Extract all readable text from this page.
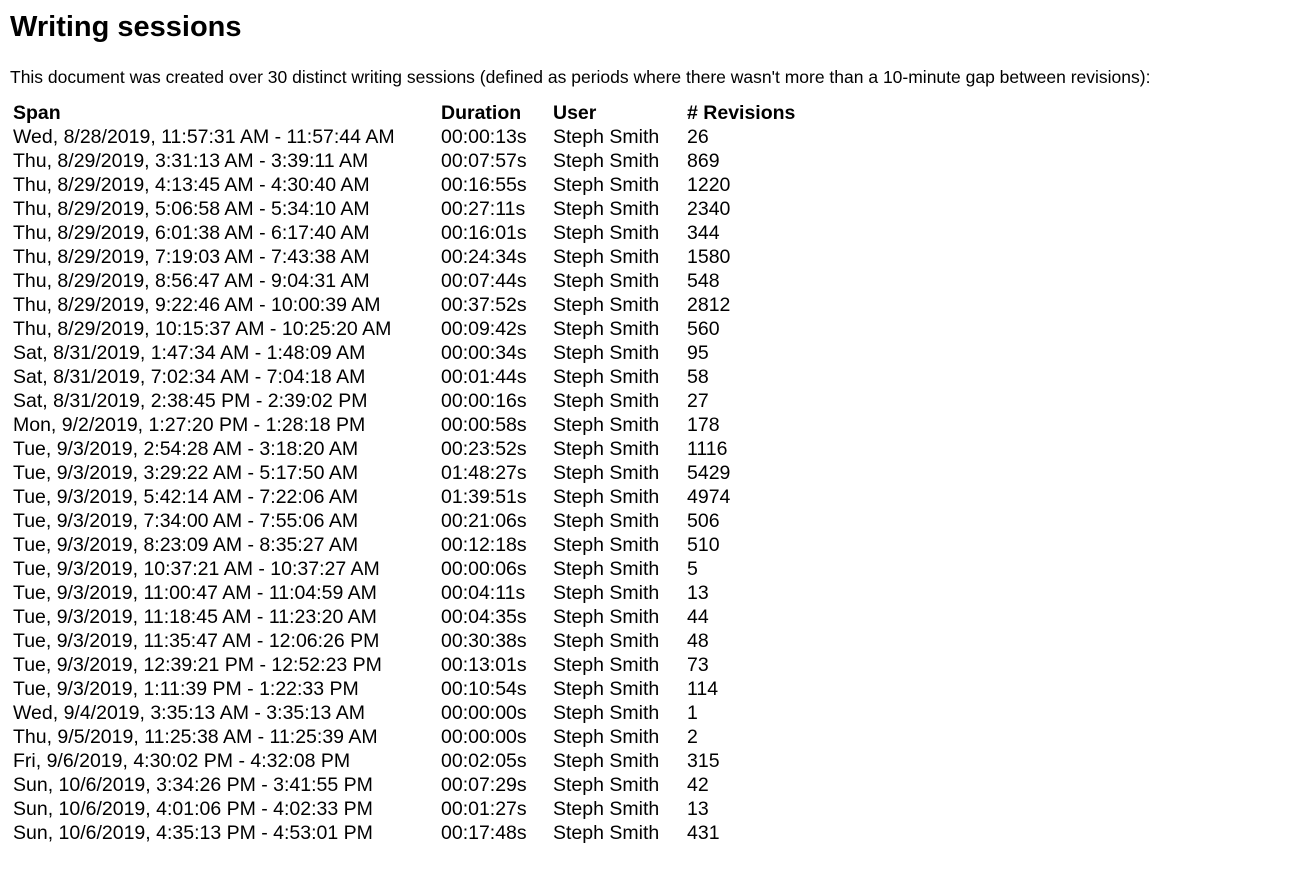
Writing sessions

This document was created over 30 distinct writing sessions (defined as periods where there wasn't more than a 10-minute gap between revisions):

Span	Duration	User	# Revisions
Wed, 8/28/2019, 11:57:31 AM - 11:57:44 AM	00:00:13s	Steph Smith	26
Thu, 8/29/2019, 3:31:13 AM - 3:39:11 AM	00:07:57s	Steph Smith	869
Thu, 8/29/2019, 4:13:45 AM - 4:30:40 AM	00:16:55s	Steph Smith	1220
Thu, 8/29/2019, 5:06:58 AM - 5:34:10 AM	00:27:11s	Steph Smith	2340
Thu, 8/29/2019, 6:01:38 AM - 6:17:40 AM	00:16:01s	Steph Smith	344
Thu, 8/29/2019, 7:19:03 AM - 7:43:38 AM	00:24:34s	Steph Smith	1580
Thu, 8/29/2019, 8:56:47 AM - 9:04:31 AM	00:07:44s	Steph Smith	548
Thu, 8/29/2019, 9:22:46 AM - 10:00:39 AM	00:37:52s	Steph Smith	2812
Thu, 8/29/2019, 10:15:37 AM - 10:25:20 AM	00:09:42s	Steph Smith	560
Sat, 8/31/2019, 1:47:34 AM - 1:48:09 AM	00:00:34s	Steph Smith	95
Sat, 8/31/2019, 7:02:34 AM - 7:04:18 AM	00:01:44s	Steph Smith	58
Sat, 8/31/2019, 2:38:45 PM - 2:39:02 PM	00:00:16s	Steph Smith	27
Mon, 9/2/2019, 1:27:20 PM - 1:28:18 PM	00:00:58s	Steph Smith	178
Tue, 9/3/2019, 2:54:28 AM - 3:18:20 AM	00:23:52s	Steph Smith	1116
Tue, 9/3/2019, 3:29:22 AM - 5:17:50 AM	01:48:27s	Steph Smith	5429
Tue, 9/3/2019, 5:42:14 AM - 7:22:06 AM	01:39:51s	Steph Smith	4974
Tue, 9/3/2019, 7:34:00 AM - 7:55:06 AM	00:21:06s	Steph Smith	506
Tue, 9/3/2019, 8:23:09 AM - 8:35:27 AM	00:12:18s	Steph Smith	510
Tue, 9/3/2019, 10:37:21 AM - 10:37:27 AM	00:00:06s	Steph Smith	5
Tue, 9/3/2019, 11:00:47 AM - 11:04:59 AM	00:04:11s	Steph Smith	13
Tue, 9/3/2019, 11:18:45 AM - 11:23:20 AM	00:04:35s	Steph Smith	44
Tue, 9/3/2019, 11:35:47 AM - 12:06:26 PM	00:30:38s	Steph Smith	48
Tue, 9/3/2019, 12:39:21 PM - 12:52:23 PM	00:13:01s	Steph Smith	73
Tue, 9/3/2019, 1:11:39 PM - 1:22:33 PM	00:10:54s	Steph Smith	114
Wed, 9/4/2019, 3:35:13 AM - 3:35:13 AM	00:00:00s	Steph Smith	1
Thu, 9/5/2019, 11:25:38 AM - 11:25:39 AM	00:00:00s	Steph Smith	2
Fri, 9/6/2019, 4:30:02 PM - 4:32:08 PM	00:02:05s	Steph Smith	315
Sun, 10/6/2019, 3:34:26 PM - 3:41:55 PM	00:07:29s	Steph Smith	42
Sun, 10/6/2019, 4:01:06 PM - 4:02:33 PM	00:01:27s	Steph Smith	13
Sun, 10/6/2019, 4:35:13 PM - 4:53:01 PM	00:17:48s	Steph Smith	431
